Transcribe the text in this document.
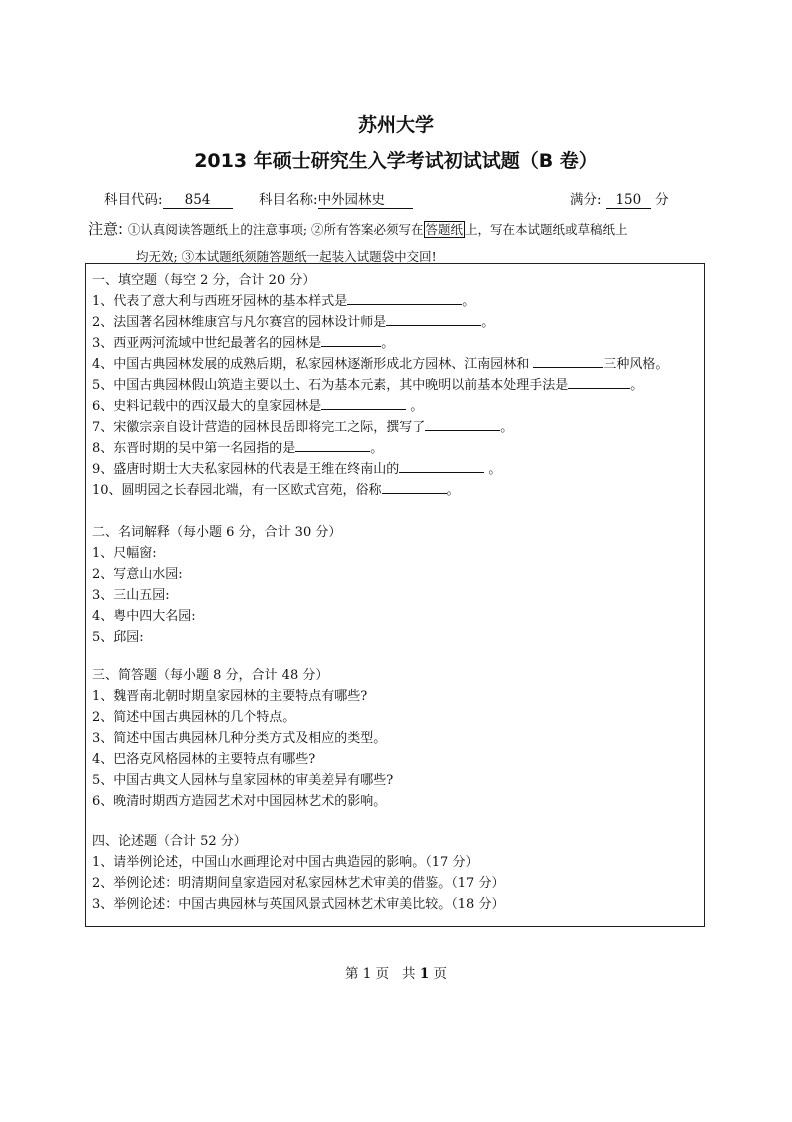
苏州大学
2013 年硕士研究生入学考试初试试题（B 卷）
科目代码: 854	科目名称:中外园林史	满分: 150 分
注意: ①认真阅读答题纸上的注意事项; ②所有答案必须写在 答题纸 上，写在本试题纸或草稿纸上
均无效; ③本试题纸须随答题纸一起装入试题袋中交回!
一、填空题（每空 2 分，合计 20 分）
1、代表了意大利与西班牙园林的基本样式是	。
2、法国著名园林维康宫与凡尔赛宫的园林设计师是	。
3、西亚两河流域中世纪最著名的园林是	。
4、中国古典园林发展的成熟后期，私家园林逐渐形成北方园林、江南园林和	三种风格。
5、中国古典园林假山筑造主要以土、石为基本元素，其中晚明以前基本处理手法是	。
6、史料记载中的西汉最大的皇家园林是	。
7、宋徽宗亲自设计营造的园林艮岳即将完工之际，撰写了	。
8、东晋时期的吴中第一名园指的是	。
9、盛唐时期士大夫私家园林的代表是王维在终南山的	。
10、圆明园之长春园北端，有一区欧式宫苑，俗称	。
二、名词解释（每小题 6 分，合计 30 分）
1、尺幅窗:
2、写意山水园:
3、三山五园:
4、粤中四大名园:
5、邱园:
三、简答题（每小题 8 分，合计 48 分）
1、魏晋南北朝时期皇家园林的主要特点有哪些?
2、简述中国古典园林的几个特点。
3、简述中国古典园林几种分类方式及相应的类型。
4、巴洛克风格园林的主要特点有哪些?
5、中国古典文人园林与皇家园林的审美差异有哪些?
6、晚清时期西方造园艺术对中国园林艺术的影响。
四、论述题（合计 52 分）
1、请举例论述，中国山水画理论对中国古典造园的影响。（17 分）
2、举例论述：明清期间皇家造园对私家园林艺术审美的借鉴。（17 分）
3、举例论述：中国古典园林与英国风景式园林艺术审美比较。（18 分）
第 1 页 共 1 页
